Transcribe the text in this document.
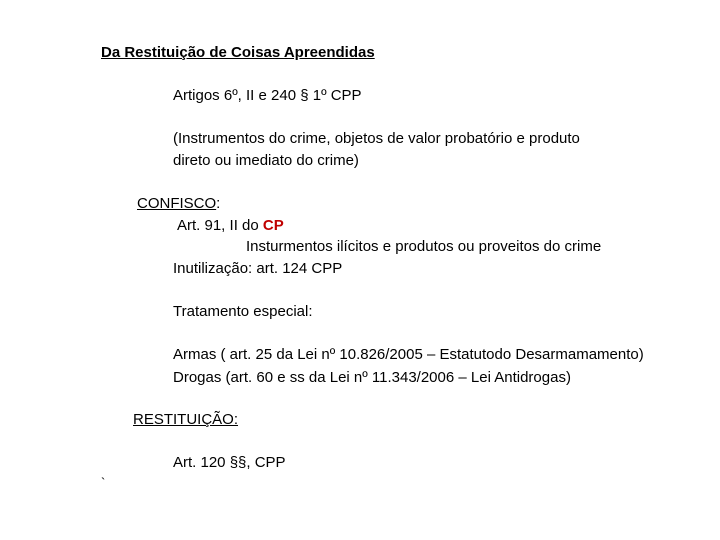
Da Restituição de Coisas Apreendidas
Artigos 6º, II e 240 § 1º CPP
(Instrumentos do crime, objetos de valor probatório e produto
direto ou imediato do crime)
CONFISCO:
Art. 91, II do CP
Insturmentos ilícitos e produtos ou proveitos do crime
Inutilização: art. 124 CPP
Tratamento especial:
Armas ( art. 25 da Lei nº 10.826/2005 – Estatutodo Desarmamamento)
Drogas (art. 60 e ss da Lei nº 11.343/2006 – Lei Antidrogas)
RESTITUIÇÃO:
Art. 120 §§, CPP
`
